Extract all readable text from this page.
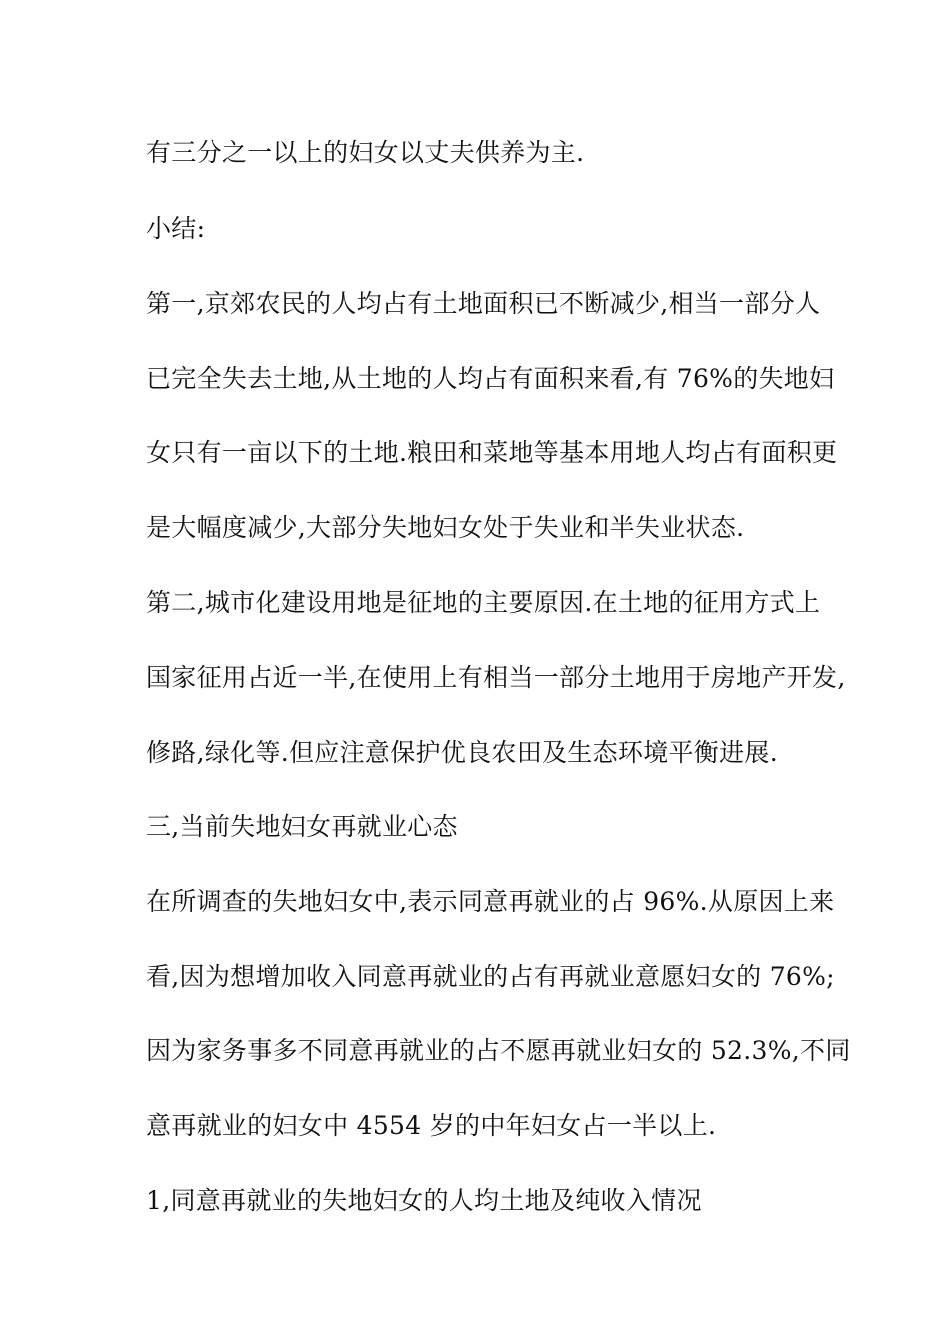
有三分之一以上的妇女以丈夫供养为主.
小结:
第一,京郊农民的人均占有土地面积已不断减少,相当一部分人
已完全失去土地,从土地的人均占有面积来看,有 76%的失地妇
女只有一亩以下的土地.粮田和菜地等基本用地人均占有面积更
是大幅度减少,大部分失地妇女处于失业和半失业状态.
第二,城市化建设用地是征地的主要原因.在土地的征用方式上
国家征用占近一半,在使用上有相当一部分土地用于房地产开发,
修路,绿化等.但应注意保护优良农田及生态环境平衡进展.
三,当前失地妇女再就业心态
在所调查的失地妇女中,表示同意再就业的占 96%.从原因上来
看,因为想增加收入同意再就业的占有再就业意愿妇女的 76%;
因为家务事多不同意再就业的占不愿再就业妇女的 52.3%,不同
意再就业的妇女中 4554 岁的中年妇女占一半以上.
1,同意再就业的失地妇女的人均土地及纯收入情况
